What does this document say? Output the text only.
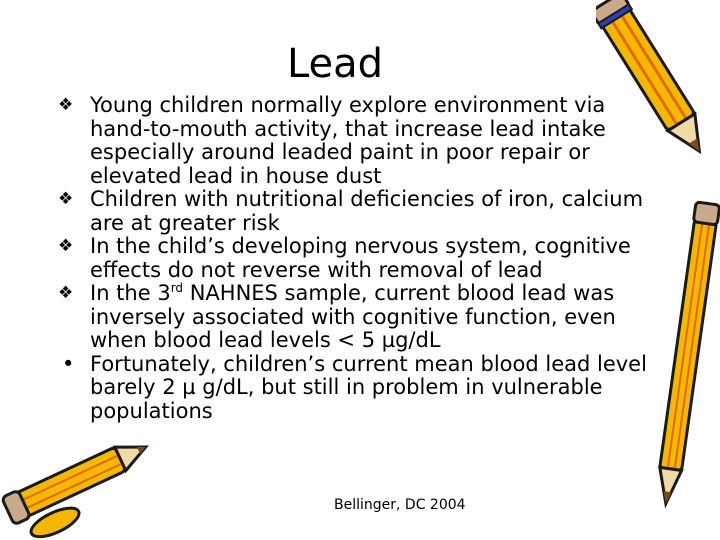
Lead
❖ Young children normally explore environment via hand-to-mouth activity, that increase lead intake especially around leaded paint in poor repair or elevated lead in house dust
❖ Children with nutritional deficiencies of iron, calcium are at greater risk
❖ In the child’s developing nervous system, cognitive effects do not reverse with removal of lead
❖ In the 3rd NAHNES sample, current blood lead was inversely associated with cognitive function, even when blood lead levels < 5 µg/dL
• Fortunately, children’s current mean blood lead level barely 2 µ g/dL, but still in problem in vulnerable populations
Bellinger, DC 2004
